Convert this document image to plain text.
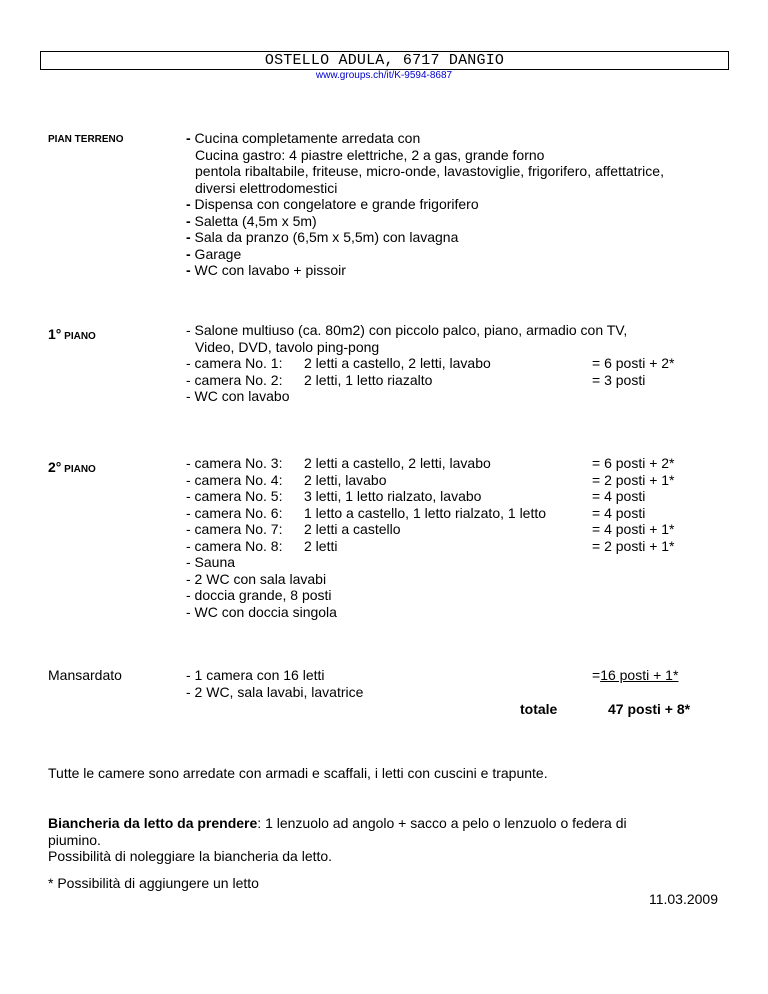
OSTELLO ADULA, 6717 DANGIO
www.groups.ch/it/K-9594-8687
PIAN TERRENO	- Cucina completamente arredata con
Cucina gastro: 4 piastre elettriche, 2 a gas, grande forno
pentola ribaltabile, friteuse, micro-onde, lavastoviglie, frigorifero, affettatrice,
diversi elettrodomestici
- Dispensa con congelatore e grande frigorifero
- Saletta (4,5m x 5m)
- Sala da pranzo (6,5m x 5,5m) con lavagna
- Garage
- WC con lavabo + pissoir
1° PIANO	- Salone multiuso (ca. 80m2) con piccolo palco, piano, armadio con TV,
Video, DVD, tavolo ping-pong
- camera No. 1: 2 letti a castello, 2 letti, lavabo	= 6 posti + 2*
- camera No. 2: 2 letti, 1 letto riazalto	= 3 posti
- WC con lavabo
2° PIANO	- camera No. 3: 2 letti a castello, 2 letti, lavabo	= 6 posti + 2*
- camera No. 4: 2 letti, lavabo	= 2 posti + 1*
- camera No. 5: 3 letti, 1 letto rialzato, lavabo	= 4 posti
- camera No. 6: 1 letto a castello, 1 letto rialzato, 1 letto	= 4 posti
- camera No. 7: 2 letti a castello	= 4 posti + 1*
- camera No. 8: 2 letti	= 2 posti + 1*
- Sauna
- 2 WC con sala lavabi
- doccia grande, 8 posti
- WC con doccia singola
Mansardato	- 1 camera con 16 letti	=16 posti + 1*
- 2 WC, sala lavabi, lavatrice
totale	47 posti + 8*
Tutte le camere sono arredate con armadi e scaffali, i letti con cuscini e trapunte.
Biancheria da letto da prendere: 1 lenzuolo ad angolo + sacco a pelo o lenzuolo o federa di
piumino.
Possibilità di noleggiare la biancheria da letto.
* Possibilità di aggiungere un letto
11.03.2009
